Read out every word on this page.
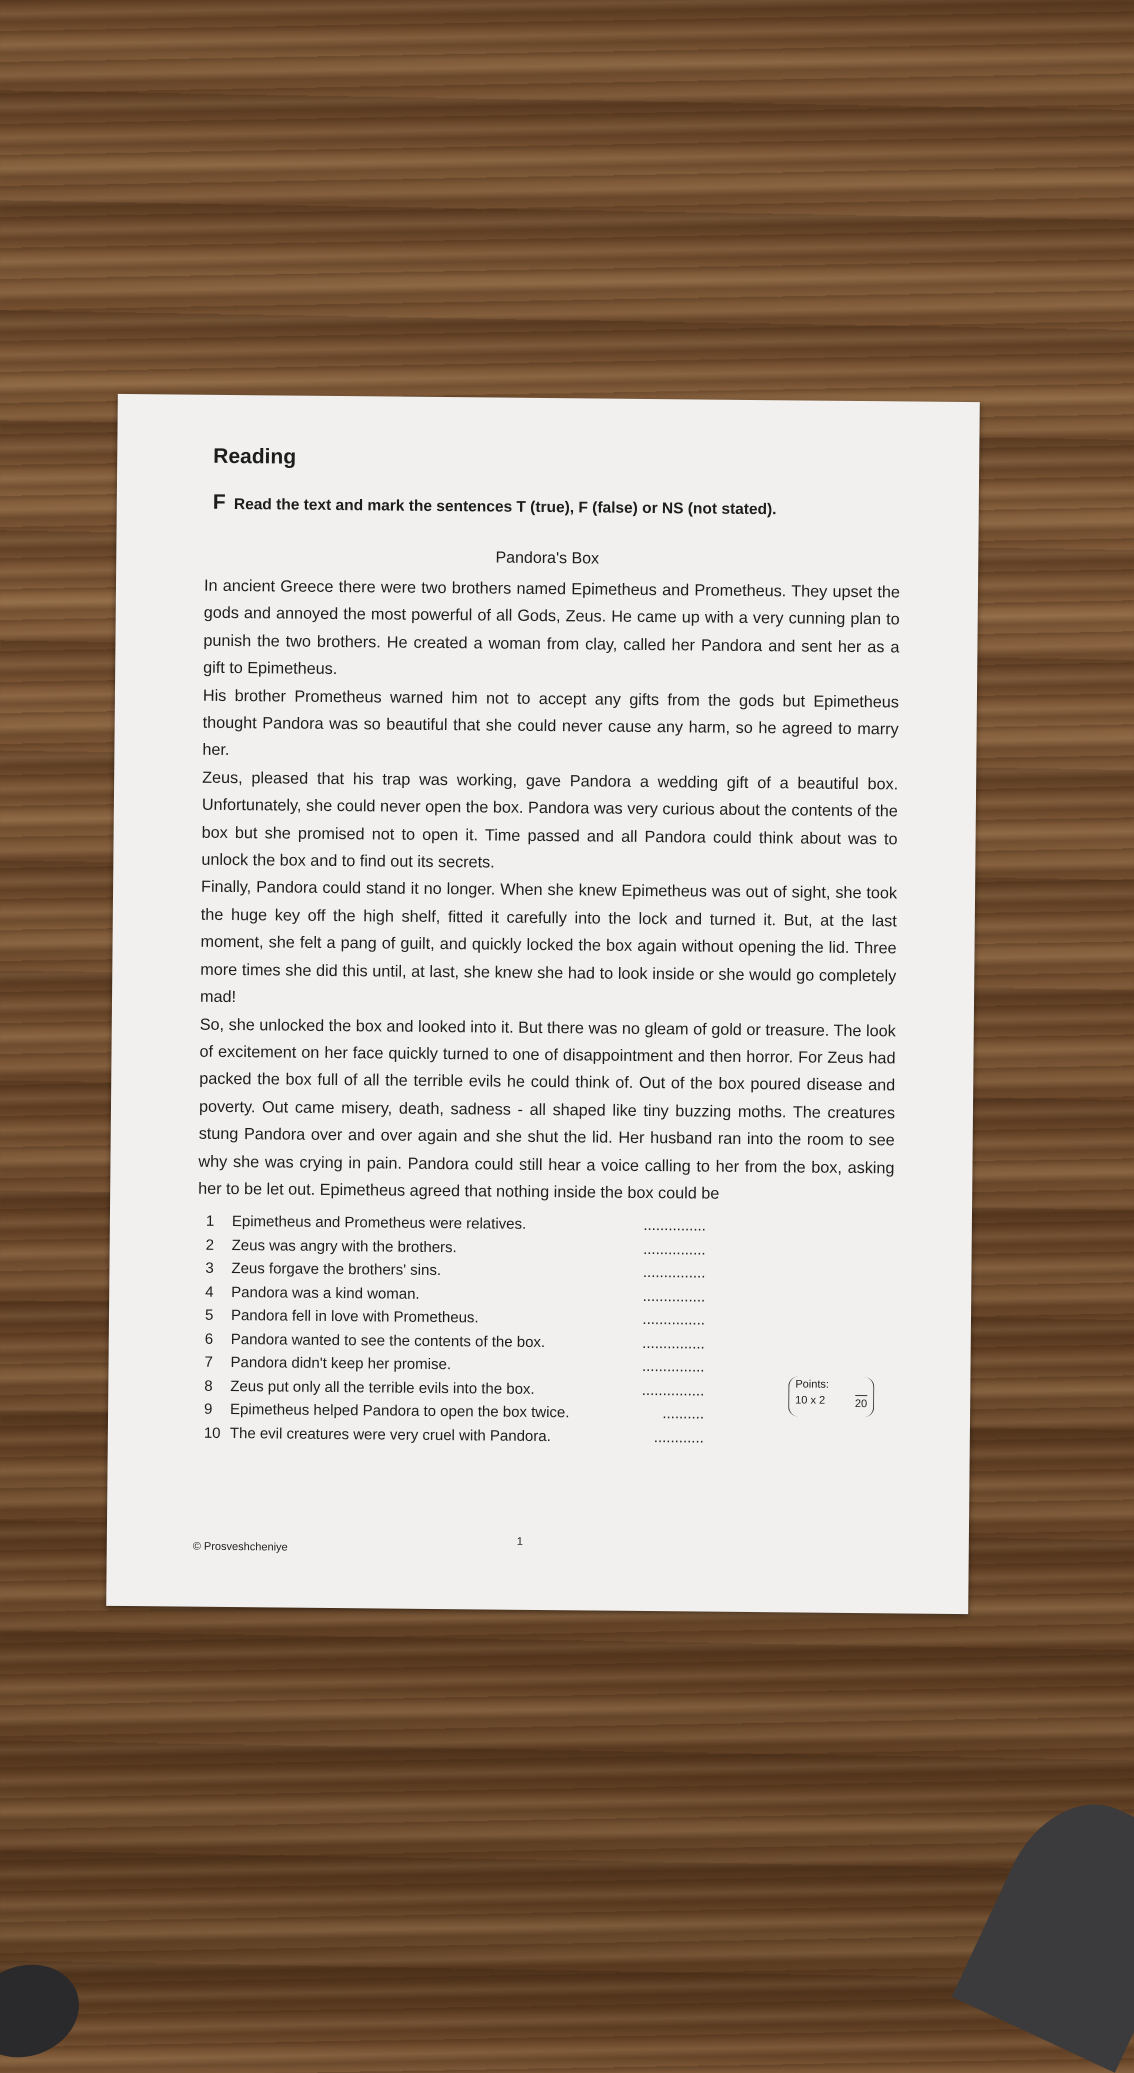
Reading
F Read the text and mark the sentences T (true), F (false) or NS (not stated).
Pandora's Box

In ancient Greece there were two brothers named Epimetheus and Prometheus. They upset the gods and annoyed the most powerful of all Gods, Zeus. He came up with a very cunning plan to punish the two brothers. He created a woman from clay, called her Pandora and sent her as a gift to Epimetheus.

His brother Prometheus warned him not to accept any gifts from the gods but Epimetheus thought Pandora was so beautiful that she could never cause any harm, so he agreed to marry her.

Zeus, pleased that his trap was working, gave Pandora a wedding gift of a beautiful box. Unfortunately, she could never open the box. Pandora was very curious about the contents of the box but she promised not to open it. Time passed and all Pandora could think about was to unlock the box and to find out its secrets.

Finally, Pandora could stand it no longer. When she knew Epimetheus was out of sight, she took the huge key off the high shelf, fitted it carefully into the lock and turned it. But, at the last moment, she felt a pang of guilt, and quickly locked the box again without opening the lid. Three more times she did this until, at last, she knew she had to look inside or she would go completely mad!

So, she unlocked the box and looked into it. But there was no gleam of gold or treasure. The look of excitement on her face quickly turned to one of disappointment and then horror. For Zeus had packed the box full of all the terrible evils he could think of. Out of the box poured disease and poverty. Out came misery, death, sadness - all shaped like tiny buzzing moths. The creatures stung Pandora over and over again and she shut the lid. Her husband ran into the room to see why she was crying in pain. Pandora could still hear a voice calling to her from the box, asking her to be let out. Epimetheus agreed that nothing inside the box could be

1	Epimetheus and Prometheus were relatives.	...............
2	Zeus was angry with the brothers.	...............
3	Zeus forgave the brothers' sins.	...............
4	Pandora was a kind woman.	...............
5	Pandora fell in love with Prometheus.	...............
6	Pandora wanted to see the contents of the box.	...............
7	Pandora didn't keep her promise.	...............
8	Zeus put only all the terrible evils into the box.	...............
9	Epimetheus helped Pandora to open the box twice.	..........
10 The evil creatures were very cruel with Pandora.	............
Points:
10 x 2	20
© Prosveshcheniye	1
